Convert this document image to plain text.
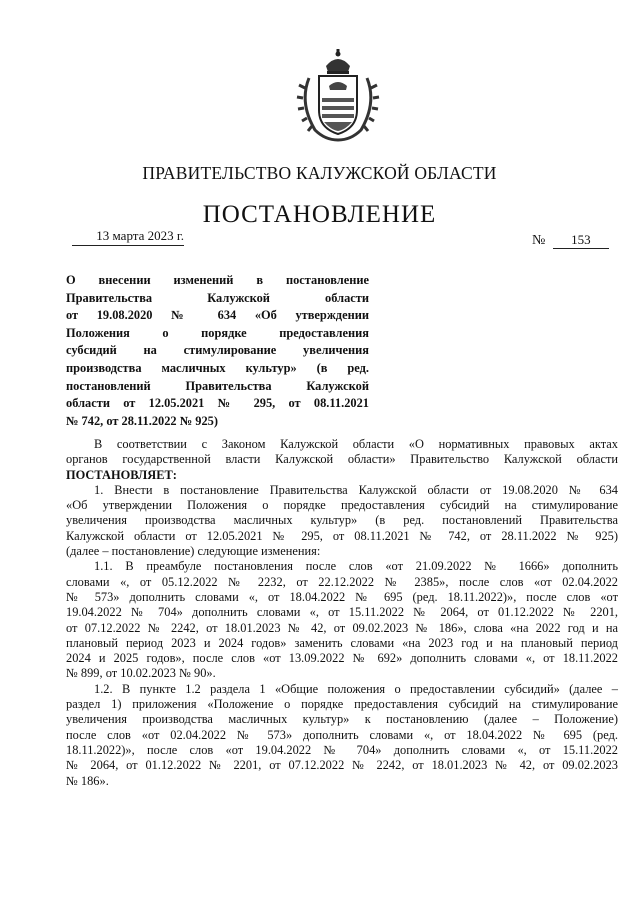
ПРАВИТЕЛЬСТВО КАЛУЖСКОЙ ОБЛАСТИ
ПОСТАНОВЛЕНИЕ
13 марта 2023 г.	№ 153
О внесении изменений в постановление
Правительства Калужской области
от 19.08.2020 № 634 «Об утверждении
Положения о порядке предоставления
субсидий на стимулирование увеличения
производства масличных культур» (в ред.
постановлений Правительства Калужской
области от 12.05.2021 № 295, от 08.11.2021
№ 742, от 28.11.2022 № 925)

В соответствии с Законом Калужской области «О нормативных правовых актах
органов государственной власти Калужской области» Правительство Калужской области
ПОСТАНОВЛЯЕТ:

1. Внести в постановление Правительства Калужской области от 19.08.2020 № 634
«Об утверждении Положения о порядке предоставления субсидий на стимулирование
увеличения производства масличных культур» (в ред. постановлений Правительства
Калужской области от 12.05.2021 № 295, от 08.11.2021 № 742, от 28.11.2022 № 925)
(далее – постановление) следующие изменения:

1.1. В преамбуле постановления после слов «от 21.09.2022 № 1666» дополнить
словами «, от 05.12.2022 № 2232, от 22.12.2022 № 2385», после слов «от 02.04.2022
№ 573» дополнить словами «, от 18.04.2022 № 695 (ред. 18.11.2022)», после слов «от
19.04.2022 № 704» дополнить словами «, от 15.11.2022 № 2064, от 01.12.2022 № 2201,
от 07.12.2022 № 2242, от 18.01.2023 № 42, от 09.02.2023 № 186», слова «на 2022 год и на
плановый период 2023 и 2024 годов» заменить словами «на 2023 год и на плановый период
2024 и 2025 годов», после слов «от 13.09.2022 № 692» дополнить словами «, от 18.11.2022
№ 899, от 10.02.2023 № 90».

1.2. В пункте 1.2 раздела 1 «Общие положения о предоставлении субсидий» (далее –
раздел 1) приложения «Положение о порядке предоставления субсидий на стимулирование
увеличения производства масличных культур» к постановлению (далее – Положение)
после слов «от 02.04.2022 № 573» дополнить словами «, от 18.04.2022 № 695 (ред.
18.11.2022)», после слов «от 19.04.2022 № 704» дополнить словами «, от 15.11.2022
№ 2064, от 01.12.2022 № 2201, от 07.12.2022 № 2242, от 18.01.2023 № 42, от 09.02.2023
№ 186».
